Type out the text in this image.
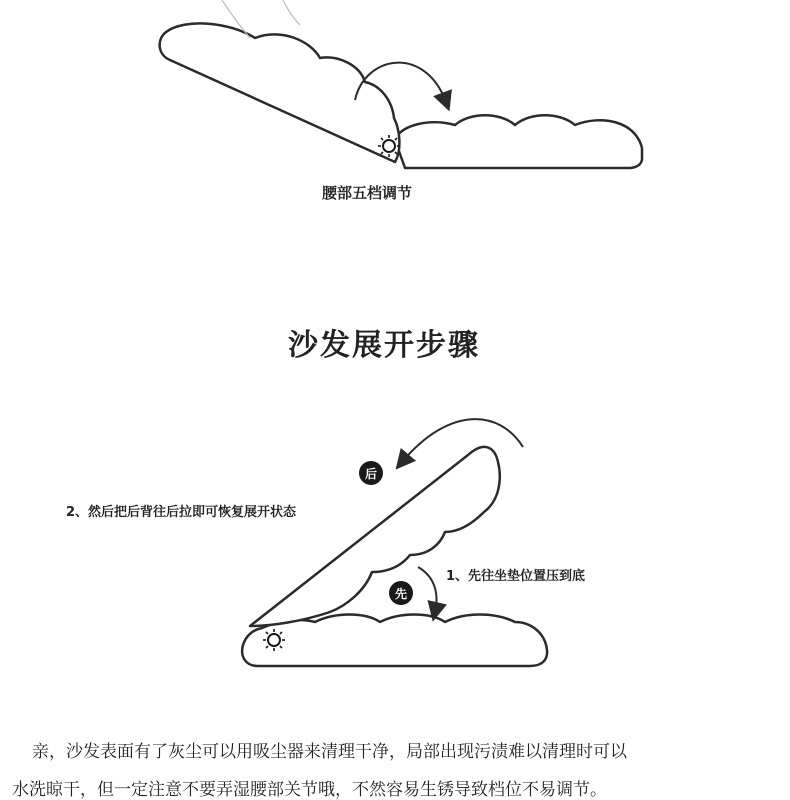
腰部五档调节
沙发展开步骤
后
先
2、然后把后背往后拉即可恢复展开状态
1、先往坐垫位置压到底
亲，沙发表面有了灰尘可以用吸尘器来清理干净，局部出现污渍难以清理时可以
水洗晾干，但一定注意不要弄湿腰部关节哦，不然容易生锈导致档位不易调节。
